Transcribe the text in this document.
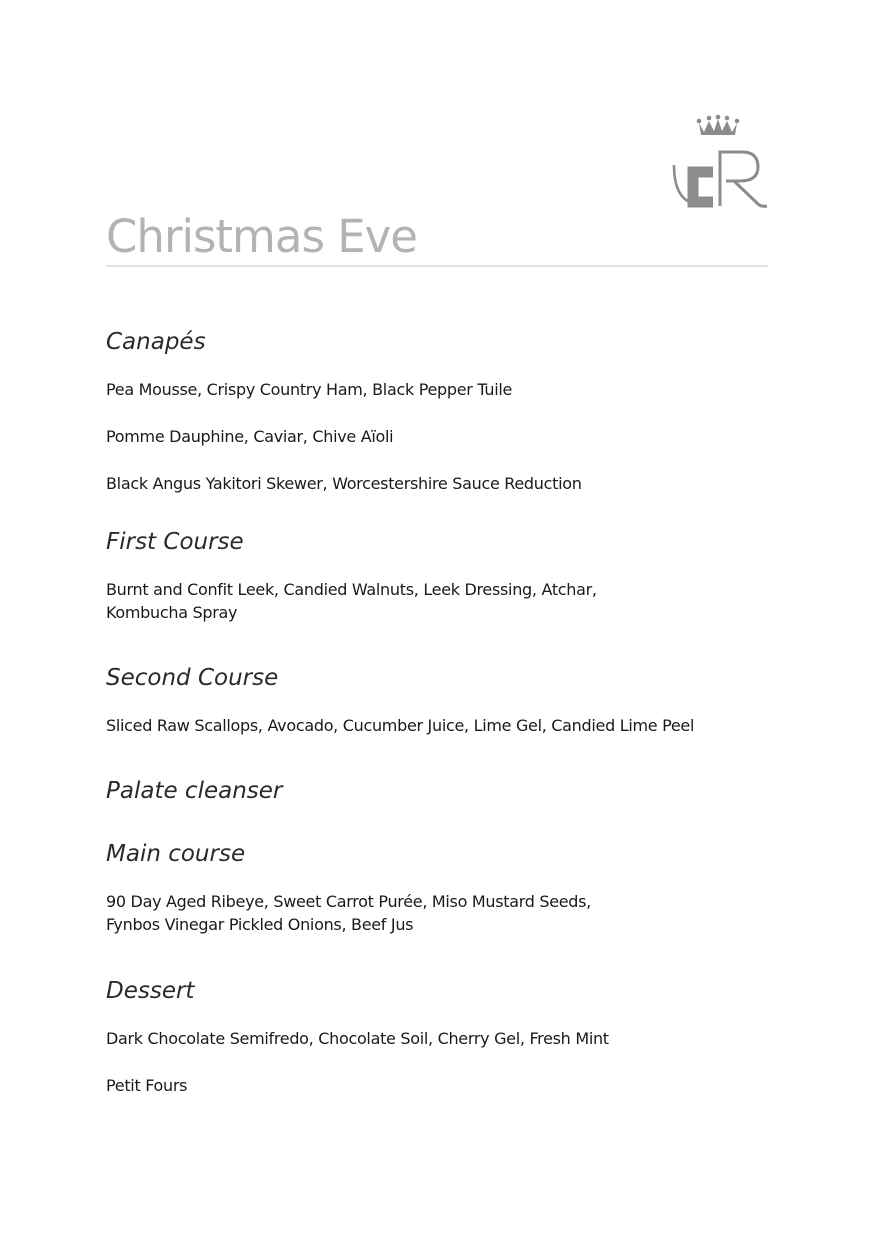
Christmas Eve
Canapés

Pea Mousse, Crispy Country Ham, Black Pepper Tuile

Pomme Dauphine, Caviar, Chive Aïoli

Black Angus Yakitori Skewer, Worcestershire Sauce Reduction

First Course

Burnt and Confit Leek, Candied Walnuts, Leek Dressing, Atchar,
Kombucha Spray

Second Course

Sliced Raw Scallops, Avocado, Cucumber Juice, Lime Gel, Candied Lime Peel

Palate cleanser
Main course

90 Day Aged Ribeye, Sweet Carrot Purée, Miso Mustard Seeds,
Fynbos Vinegar Pickled Onions, Beef Jus

Dessert

Dark Chocolate Semifredo, Chocolate Soil, Cherry Gel, Fresh Mint

Petit Fours
